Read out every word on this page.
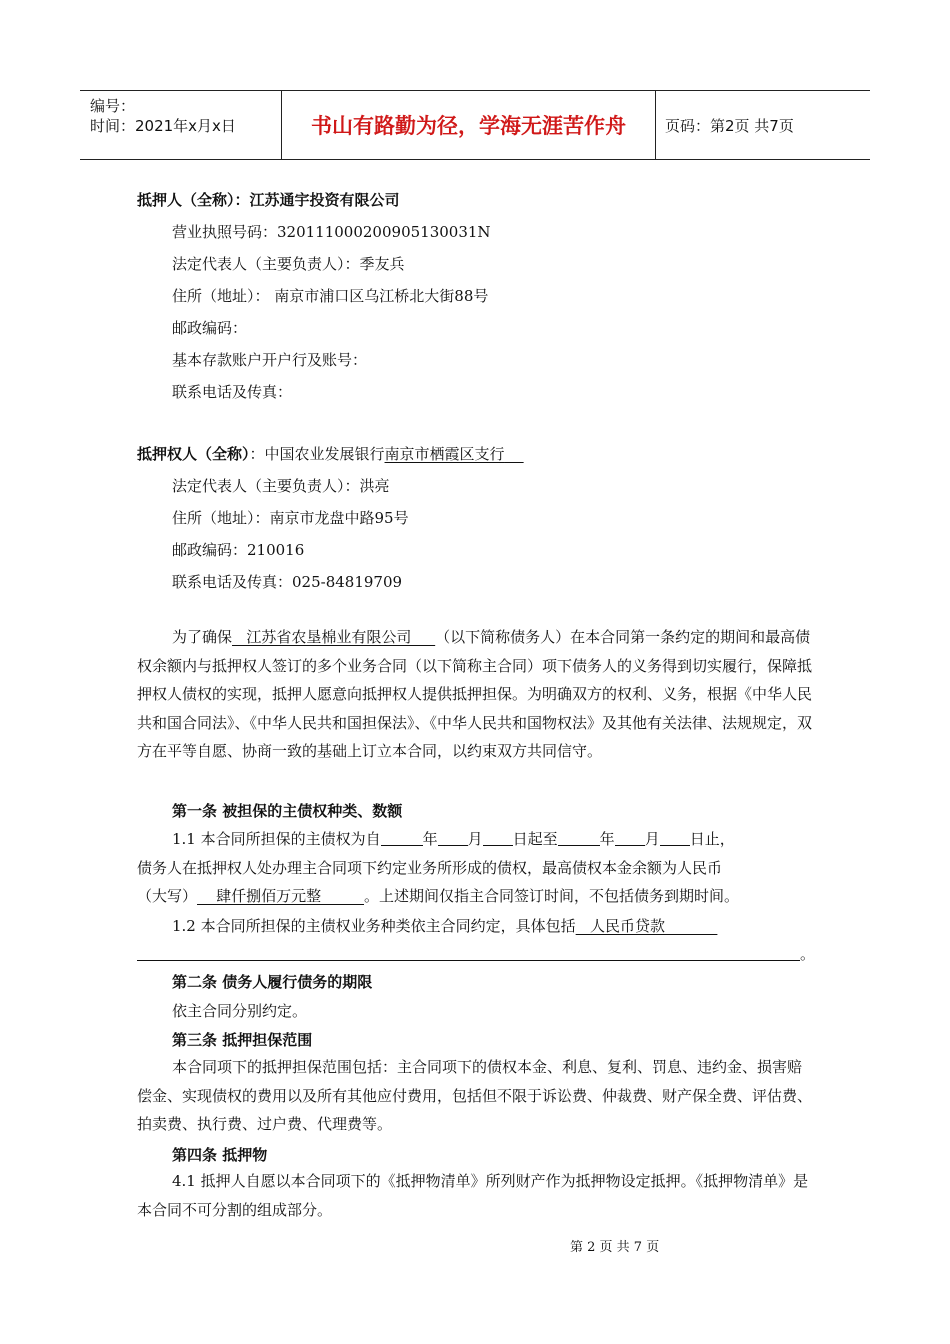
编号：
时间：2021年x月x日	书山有路勤为径，学海无涯苦作舟	页码：第2页 共7页
抵押人（全称）：江苏通宇投资有限公司
营业执照号码：320111000200905130031N
法定代表人（主要负责人）：季友兵
住所（地址）： 南京市浦口区乌江桥北大街88号
邮政编码：
基本存款账户开户行及账号：
联系电话及传真：
抵押权人（全称）：中国农业发展银行南京市栖霞区支行
法定代表人（主要负责人）：洪亮
住所（地址）：南京市龙盘中路95号
邮政编码：210016
联系电话及传真：025-84819709
为了确保   江苏省农垦棉业有限公司     （以下简称债务人）在本合同第一条约定的期间和最高债权余额内与抵押权人签订的多个业务合同（以下简称主合同）项下债务人的义务得到切实履行，保障抵押权人债权的实现，抵押人愿意向抵押权人提供抵押担保。为明确双方的权利、义务，根据《中华人民共和国合同法》、《中华人民共和国担保法》、《中华人民共和国物权法》及其他有关法律、法规规定，双方在平等自愿、协商一致的基础上订立本合同，以约束双方共同信守。
第一条 被担保的主债权种类、数额
1.1 本合同所担保的主债权为自	年 月 日起至	年 月 日止，
债务人在抵押权人处办理主合同项下约定业务所形成的债权，最高债权本金余额为人民币
（大写）    肆仟捌佰万元整         。上述期间仅指主合同签订时间，不包括债务到期时间。
1.2 本合同所担保的主债权业务种类依主合同约定，具体包括   人民币贷款
。
第二条 债务人履行债务的期限
依主合同分别约定。
第三条 抵押担保范围
本合同项下的抵押担保范围包括：主合同项下的债权本金、利息、复利、罚息、违约金、损害赔偿金、实现债权的费用以及所有其他应付费用，包括但不限于诉讼费、仲裁费、财产保全费、评估费、拍卖费、执行费、过户费、代理费等。
第四条 抵押物
4.1 抵押人自愿以本合同项下的《抵押物清单》所列财产作为抵押物设定抵押。《抵押物清单》是本合同不可分割的组成部分。
第 2 页 共 7 页
